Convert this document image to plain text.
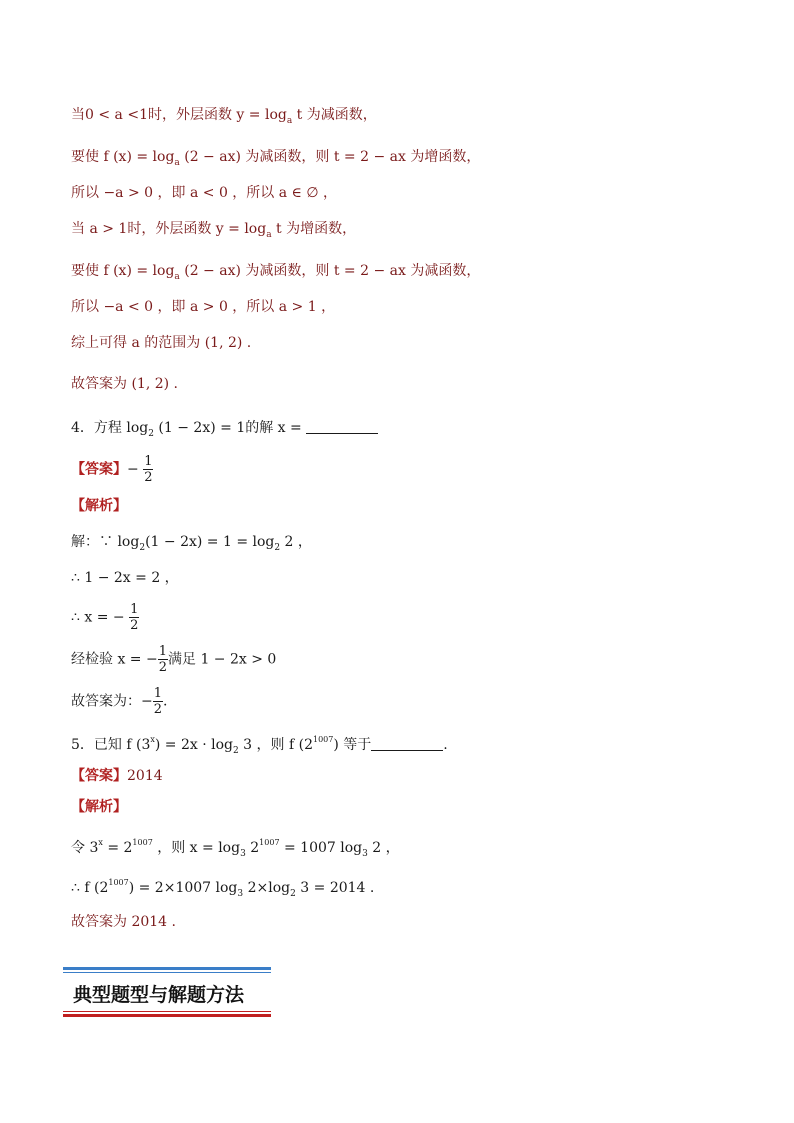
当0 < a <1时，外层函数 $y = \log_a t$ 为减函数，
要使 f $(x) = \log_a (2 - ax)$ 为减函数，则 t = 2 − ax 为增函数，
所以 −a > 0 ，即 a < 0 ，所以 a ∈ ∅ ，
当 a > 1时，外层函数 $y = \log_a t$ 为增函数，
要使 f $(x) = \log_a (2 - ax)$ 为减函数，则 t = 2 − ax 为减函数，
所以 −a < 0 ，即 a > 0 ，所以 a > 1 ，
综上可得 a 的范围为 (1, 2) .
故答案为 (1, 2) .
4．方程 $\log_2 (1 - 2x) = 1$的解 x =
【答案】− $\frac{1}{2}$
【解析】
解：∵ $\log_2(1 - 2x) = 1 = \log_2 2$ ，
∴ 1 − 2x = 2 ，
∴ x = − $\frac{1}{2}$
经检验 x = − $\frac{1}{2}$ 满足 1 − 2x > 0
故答案为：− $\frac{1}{2}$ .
5．已知 f $(3^x) = 2x \cdot \log_2 3$ ，则 f $(2^{1007})$ 等于	.
【答案】2014
【解析】
令 $3^x = 2^{1007}$ ，则 $x = \log_3 2^{1007} = 1007$ $\log_3 2$ ，
∴ f $(2^{1007}) = 2\times 1007$ $\log_3 2\times\log_2$ 3 = 2014 .
故答案为 2014 .
典型题型与解题方法
